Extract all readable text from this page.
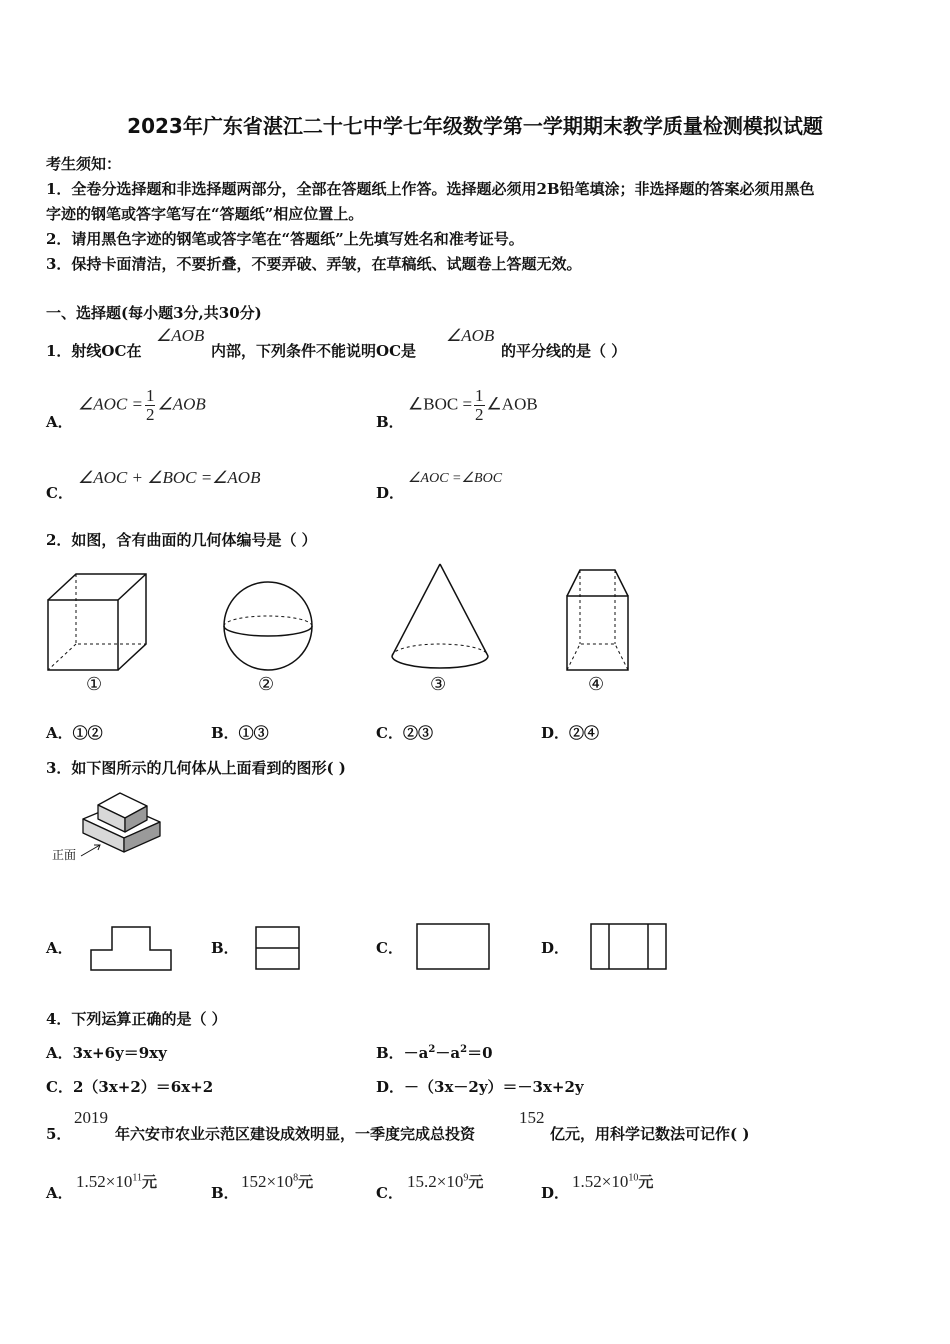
2023年广东省湛江二十七中学七年级数学第一学期期末教学质量检测模拟试题
考生须知：
1．全卷分选择题和非选择题两部分，全部在答题纸上作答。选择题必须用2B铅笔填涂；非选择题的答案必须用黑色
字迹的钢笔或答字笔写在“答题纸”相应位置上。
2．请用黑色字迹的钢笔或答字笔在“答题纸”上先填写姓名和准考证号。
3．保持卡面清洁，不要折叠，不要弄破、弄皱，在草稿纸、试题卷上答题无效。
一、选择题(每小题3分,共30分)
1．射线OC在
∠AOB
内部，下列条件不能说明OC是
∠AOB
的平分线的是（ ）
A．
∠AOC = $\frac{1}{2}$ ∠AOB
B．
∠BOC = $\frac{1}{2}$ ∠AOB
C．
∠AOC + ∠BOC =∠AOB
D．
∠AOC =∠BOC
2．如图，含有曲面的几何体编号是（ ）
①	②	③	④
A．①②	B．①③	C．②③	D．②④
3．如下图所示的几何体从上面看到的图形( )
正面
A．	B．	C．	D．
4．下列运算正确的是（ ）
A．3x+6y＝9xy	B．$-a^2-a^2=0$
C．2（3x+2）＝6x+2	D．－（3x－2y）＝－3x+2y
5．
2019
年六安市农业示范区建设成效明显，一季度完成总投资
152
亿元，用科学记数法可记作( )
A．
$1.52\times 10^{11}$元
B．
$152\times 10^8$元
C．
$15.2\times 10^9$元
D．
$1.52\times 10^{10}$元
